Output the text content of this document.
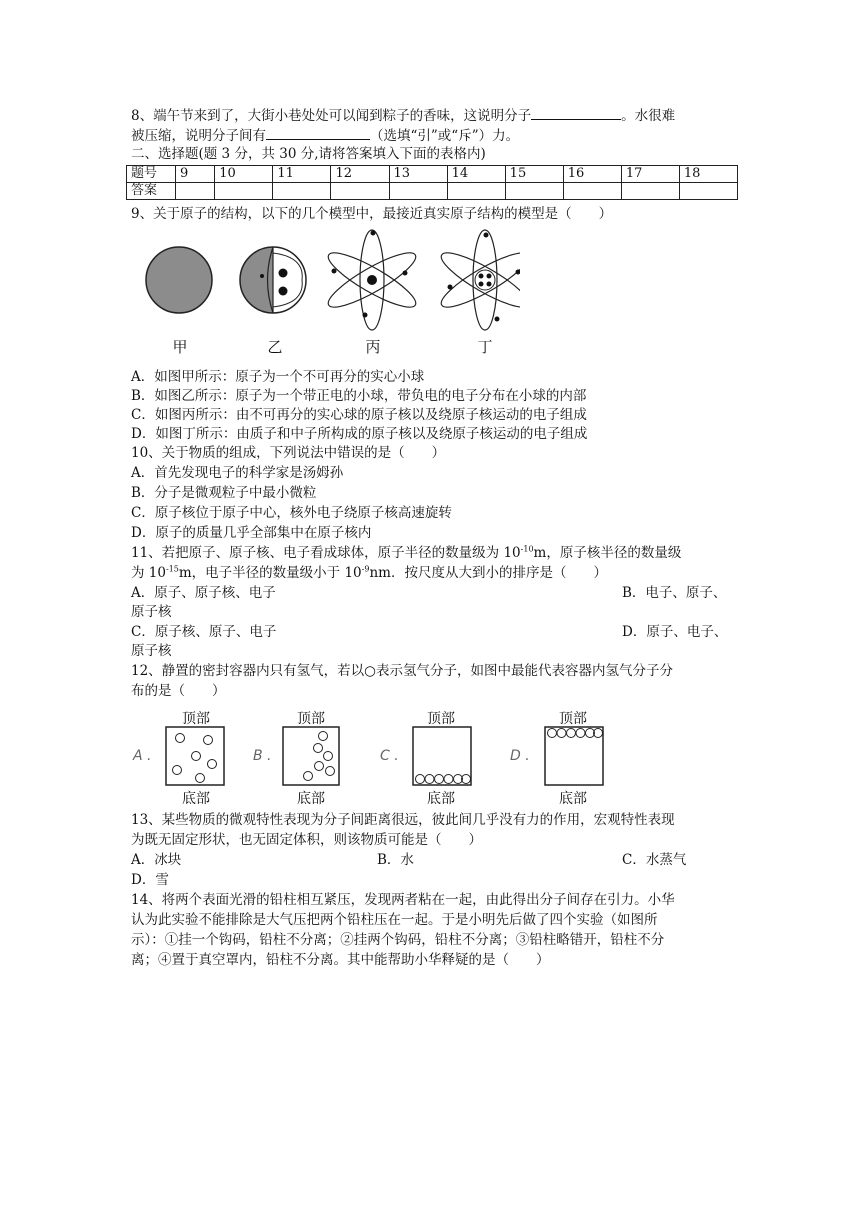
8、端午节来到了，大街小巷处处可以闻到粽子的香味，这说明分子	。水很难
被压缩，说明分子间有	（选填“引”或“斥”）力。
二、选择题(题 3 分，共 30 分,请将答案填入下面的表格内)
题号	9	10	11	12	13	14	15	16	17	18
答案										
9、关于原子的结构，以下的几个模型中，最接近真实原子结构的模型是（　　）
甲	乙	丙	丁
A．如图甲所示：原子为一个不可再分的实心小球
B．如图乙所示：原子为一个带正电的小球，带负电的电子分布在小球的内部
C．如图丙所示：由不可再分的实心球的原子核以及绕原子核运动的电子组成
D．如图丁所示：由质子和中子所构成的原子核以及绕原子核运动的电子组成
10、关于物质的组成，下列说法中错误的是（　　）
A．首先发现电子的科学家是汤姆孙
B．分子是微观粒子中最小微粒
C．原子核位于原子中心，核外电子绕原子核高速旋转
D．原子的质量几乎全部集中在原子核内
11、若把原子、原子核、电子看成球体，原子半径的数量级为 $10^{-10}m$，原子核半径的数量级
为 $10^{-15}m$，电子半径的数量级小于 $10^{-9}nm$．按尺度从大到小的排序是（　　）
A．原子、原子核、电子	B．电子、原子、
原子核
C．原子核、原子、电子	D．原子、电子、
原子核
12、静置的密封容器内只有氢气，若以○表示氢气分子，如图中最能代表容器内氢气分子分
布的是（　　）
A .	B .	C .	D .
顶部	顶部	顶部	顶部
底部	底部	底部	底部
13、某些物质的微观特性表现为分子间距离很远，彼此间几乎没有力的作用，宏观特性表现
为既无固定形状，也无固定体积，则该物质可能是（　　）
A．冰块	B．水	C．水蒸气
D．雪
14、将两个表面光滑的铅柱相互紧压，发现两者粘在一起，由此得出分子间存在引力。小华
认为此实验不能排除是大气压把两个铅柱压在一起。于是小明先后做了四个实验（如图所
示）：①挂一个钩码，铅柱不分离；②挂两个钩码，铅柱不分离；③铅柱略错开，铅柱不分
离；④置于真空罩内，铅柱不分离。其中能帮助小华释疑的是（　　）
